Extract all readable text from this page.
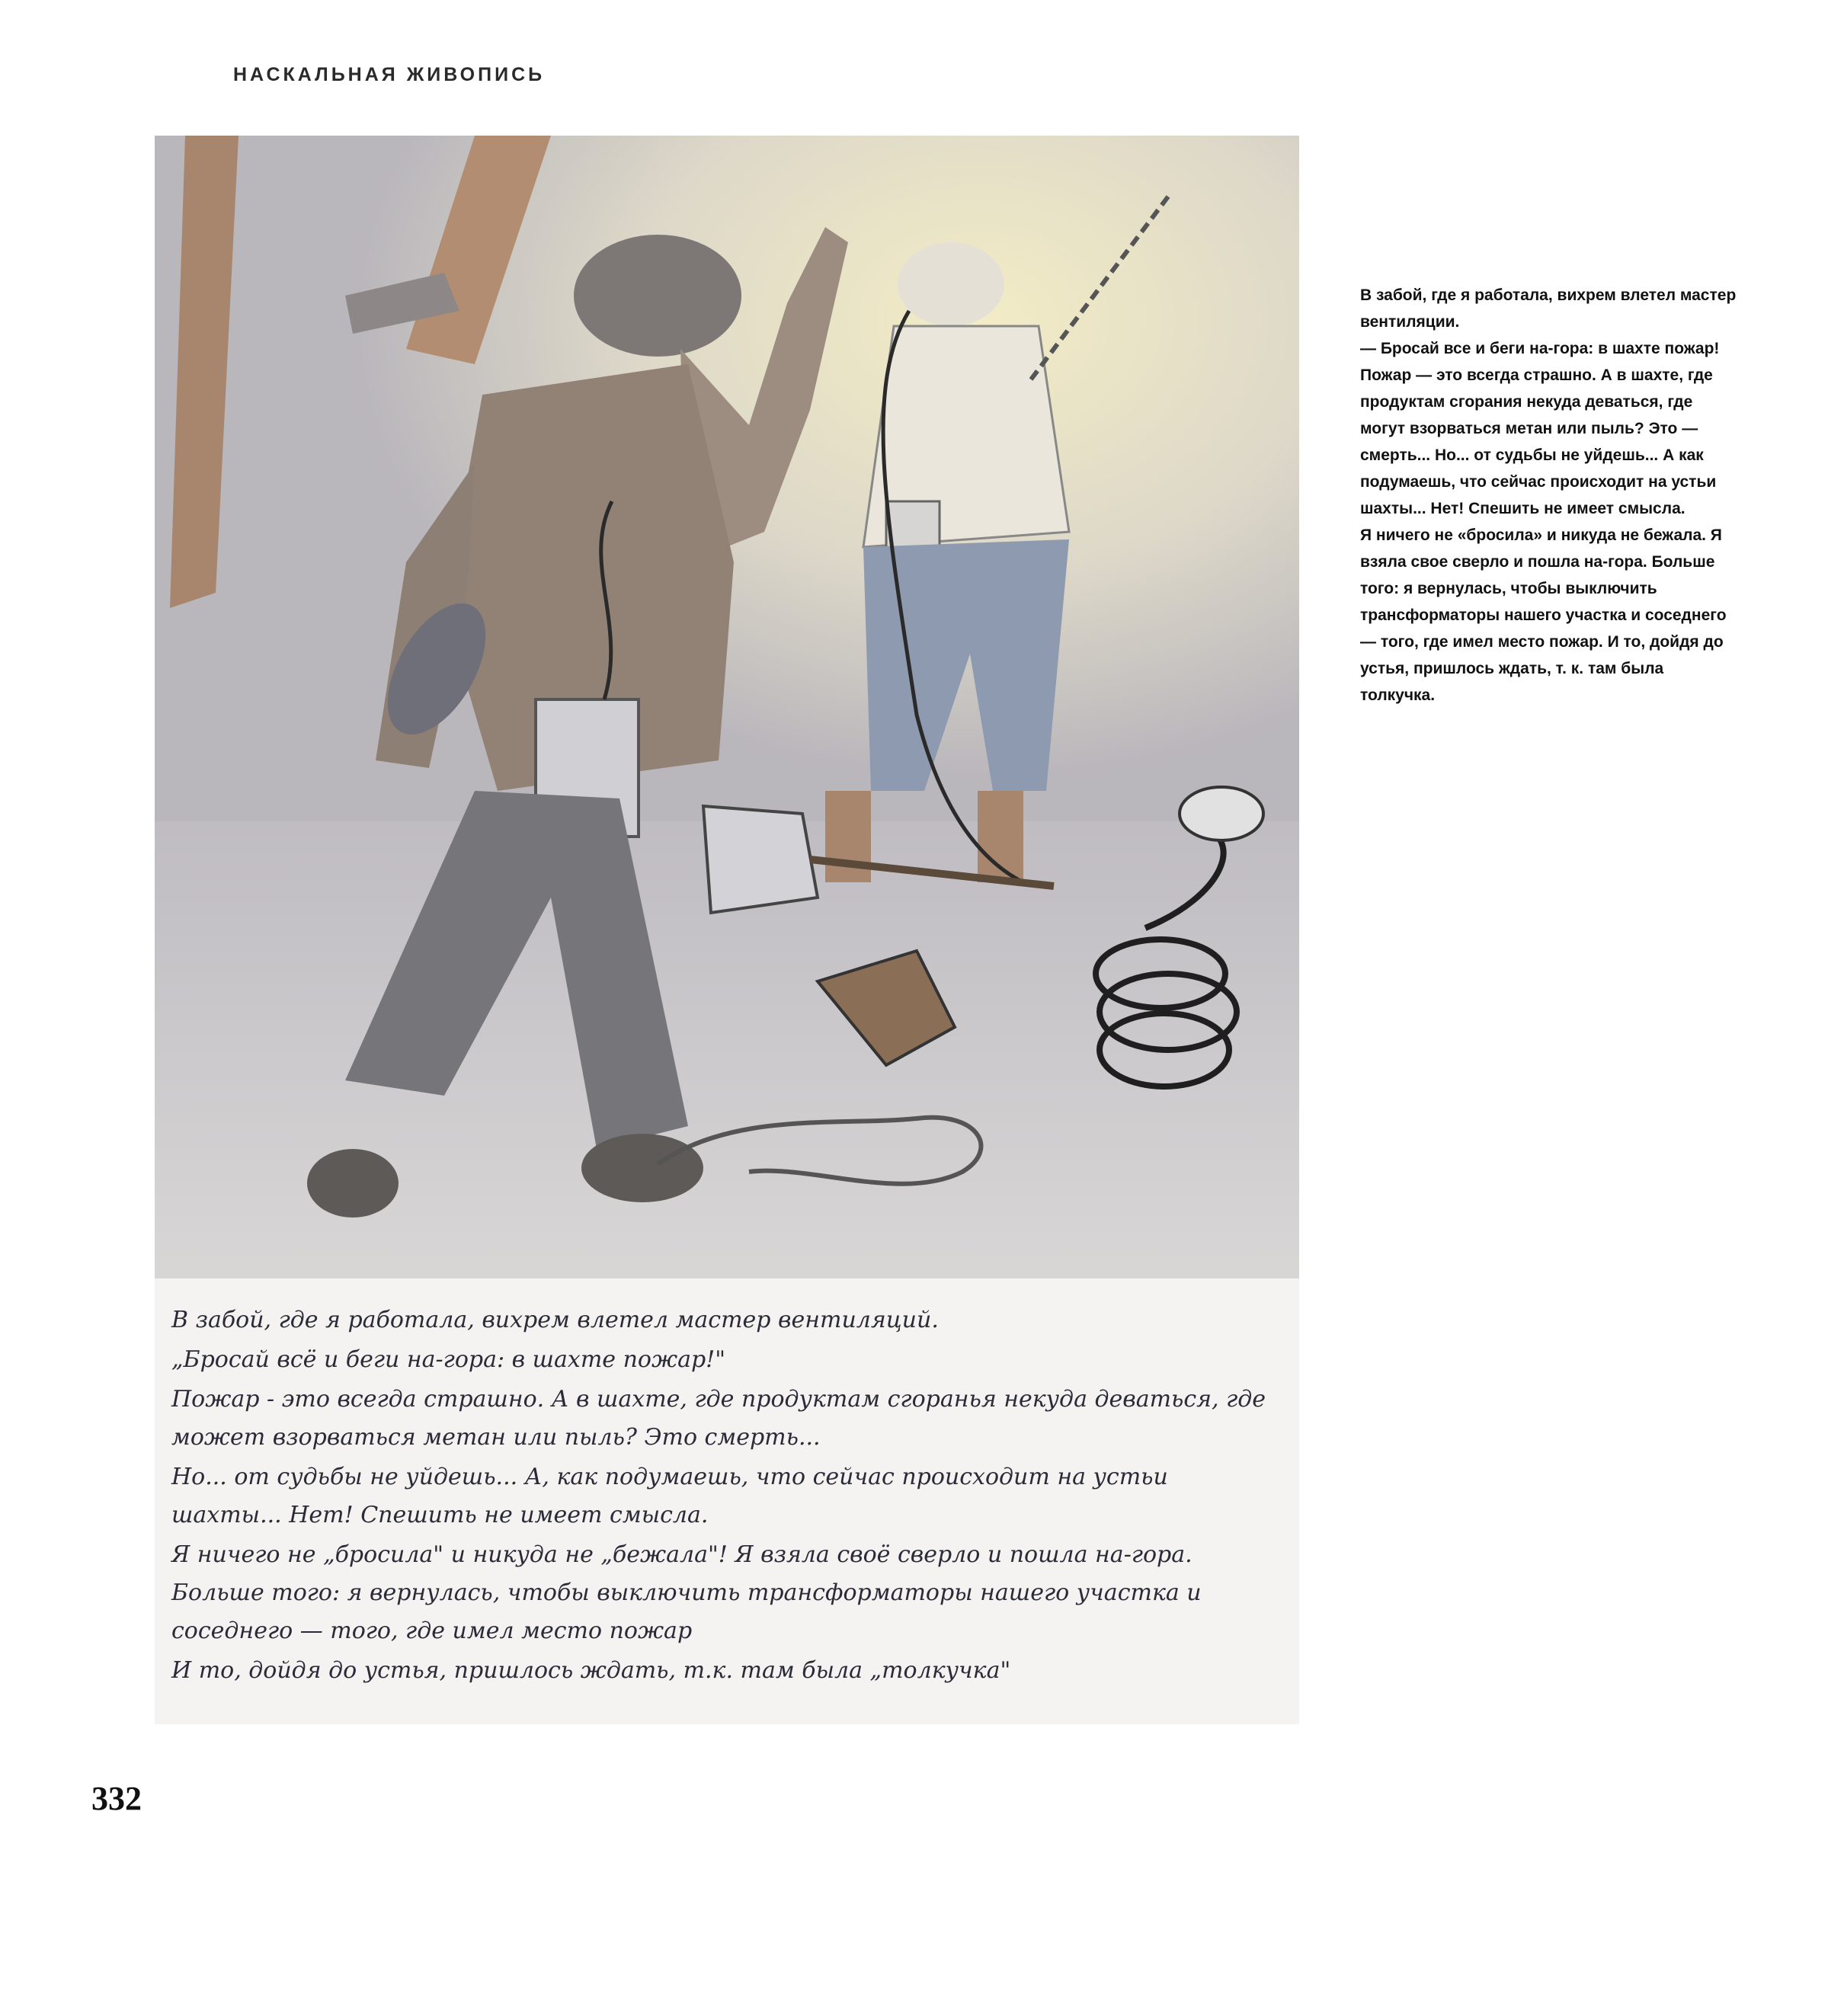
НАСКАЛЬНАЯ ЖИВОПИСЬ

В забой, где я работала, вихрем влетел мастер вентиляций.

„Бросай всё и беги на-гора: в шахте пожар!"

Пожар - это всегда страшно. А в шахте, где продуктам сгоранья некуда деваться, где может взорваться метан или пыль? Это смерть...

Но... от судьбы не уйдешь... А, как подумаешь, что сейчас происходит на устьи шахты... Нет! Спешить не имеет смысла.

Я ничего не „бросила" и никуда не „бежала"! Я взяла своё сверло и пошла на-гора. Больше того: я вернулась, чтобы выключить трансформаторы нашего участка и соседнего — того, где имел место пожар

И то, дойдя до устья, пришлось ждать, т.к. там была „толкучка"

В забой, где я работала, вихрем влетел мастер вентиляции.

— Бросай все и беги на-гора: в шахте пожар!

Пожар — это всегда страшно. А в шахте, где продуктам сгорания некуда деваться, где могут взорваться метан или пыль? Это — смерть... Но... от судьбы не уйдешь... А как подумаешь, что сейчас происходит на устьи шахты... Нет! Спешить не имеет смысла.

Я ничего не «бросила» и никуда не бежала. Я взяла свое сверло и пошла на-гора. Больше того: я вернулась, чтобы выключить трансформаторы нашего участка и соседнего — того, где имел место пожар. И то, дойдя до устья, пришлось ждать, т. к. там была толкучка.

332
